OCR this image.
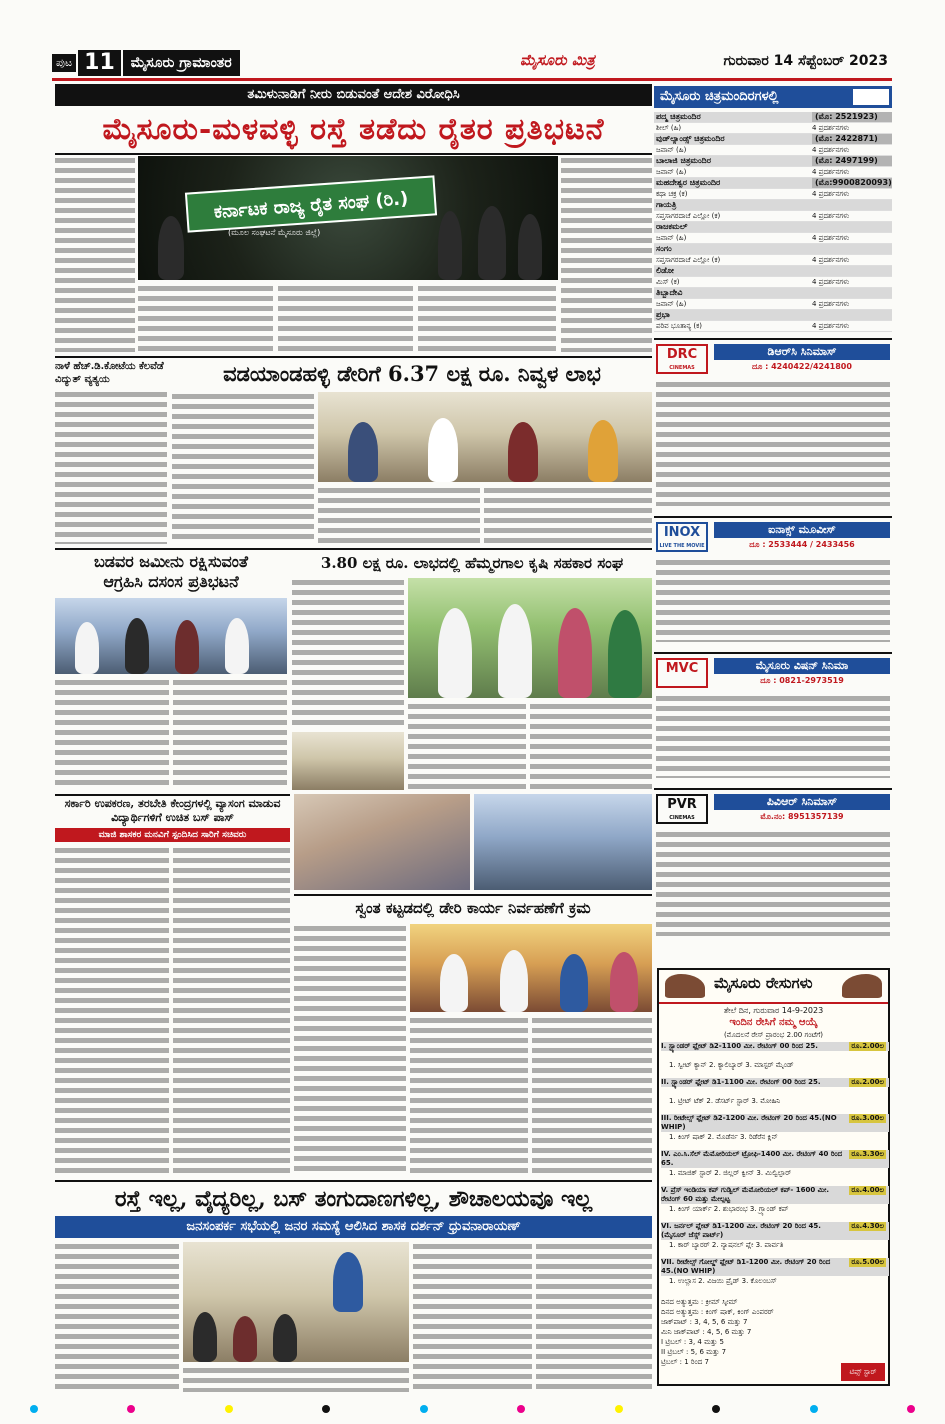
ಪುಟ 11	ಮೈಸೂರು ಗ್ರಾಮಾಂತರ	ಮೈಸೂರು ಮಿತ್ರ	ಗುರುವಾರ 14 ಸೆಪ್ಟೆಂಬರ್ 2023
ತಮಿಳುನಾಡಿಗೆ ನೀರು ಬಿಡುವಂತೆ ಆದೇಶ ವಿರೋಧಿಸಿ
ಮೈಸೂರು-ಮಳವಳ್ಳಿ ರಸ್ತೆ ತಡೆದು ರೈತರ ಪ್ರತಿಭಟನೆ
ಕರ್ನಾಟಕ ರಾಜ್ಯ ರೈತ ಸಂಘ (ರಿ.)
(ಮೂಲ ಸಂಘಟನೆ ಮೈಸೂರು ಜಿಲ್ಲೆ)
ನಾಳೆ ಹೆಚ್.ಡಿ.ಕೋಟೆಯ ಕೆಲವೆಡೆ ವಿದ್ಯುತ್ ವ್ಯತ್ಯಯ	ವಡಯಾಂಡಹಳ್ಳಿ ಡೇರಿಗೆ 6.37 ಲಕ್ಷ ರೂ. ನಿವ್ವಳ ಲಾಭ
ಬಡವರ ಜಮೀನು ರಕ್ಷಿಸುವಂತೆ
ಆಗ್ರಹಿಸಿ ದಸಂಸ ಪ್ರತಿಭಟನೆ
3.80 ಲಕ್ಷ ರೂ. ಲಾಭದಲ್ಲಿ ಹೆಮ್ಮರಗಾಲ ಕೃಷಿ ಸಹಕಾರ ಸಂಘ
ಸರ್ಕಾರಿ ಉಪಕರಣ, ತರಬೇತಿ ಕೇಂದ್ರಗಳಲ್ಲಿ ವ್ಯಾಸಂಗ ಮಾಡುವ ವಿದ್ಯಾರ್ಥಿಗಳಿಗೆ ಉಚಿತ ಬಸ್ ಪಾಸ್
ಮಾಜಿ ಶಾಸಕರ ಮನವಿಗೆ ಸ್ಪಂದಿಸಿದ ಸಾರಿಗೆ ಸಚಿವರು
ಸ್ವಂತ ಕಟ್ಟಡದಲ್ಲಿ ಡೇರಿ ಕಾರ್ಯ ನಿರ್ವಹಣೆಗೆ ಕ್ರಮ
ರಸ್ತೆ ಇಲ್ಲ, ವೈದ್ಯರಿಲ್ಲ, ಬಸ್ ತಂಗುದಾಣಗಳಿಲ್ಲ, ಶೌಚಾಲಯವೂ ಇಲ್ಲ
ಜನಸಂಪರ್ಕ ಸಭೆಯಲ್ಲಿ ಜನರ ಸಮಸ್ಯೆ ಆಲಿಸಿದ ಶಾಸಕ ದರ್ಶನ್ ಧ್ರುವನಾರಾಯಣ್
ಮೈಸೂರು ಚಿತ್ರಮಂದಿರಗಳಲ್ಲಿ
ಪದ್ಮ ಚಿತ್ರಮಂದಿರ	(ಮೊ: 2521923)
ಶೀಲ್ (ಹಿ)	4 ಪ್ರದರ್ಶನಗಳು
ವುಡ್‌ಲ್ಯಾಂಡ್ಸ್ ಚಿತ್ರಮಂದಿರ	(ಮೊ: 2422871)
ಜವಾನ್ (ಹಿ)	4 ಪ್ರದರ್ಶನಗಳು
ಬಾಲಾಜಿ ಚಿತ್ರಮಂದಿರ	(ಮೊ: 2497199)
ಜವಾನ್ (ಹಿ)	4 ಪ್ರದರ್ಶನಗಳು
ಮಹದೇಶ್ವರ ಚಿತ್ರಮಂದಿರ	(ಮೊ:9900820093)
ಕಥಾ ಚಕ್ರ (ಕ)	4 ಪ್ರದರ್ಶನಗಳು
ಗಾಯತ್ರಿ
ಸಪ್ತಸಾಗರದಾಚೆ ಎಲ್ಲೋ (ಕ)	4 ಪ್ರದರ್ಶನಗಳು
ರಾಜಕಮಲ್
ಜವಾನ್ (ಹಿ)	4 ಪ್ರದರ್ಶನಗಳು
ಸಂಗಂ
ಸಪ್ತಸಾಗರದಾಚೆ ಎಲ್ಲೋ (ಕ)	4 ಪ್ರದರ್ಶನಗಳು
ಲಿಡೋ
ಮಿಸ್ (ಕ)	4 ಪ್ರದರ್ಶನಗಳು
ತಿಬ್ಬಾದೇವಿ
ಜವಾನ್ (ಹಿ)	4 ಪ್ರದರ್ಶನಗಳು
ಪ್ರಭಾ
ಪರಿವ ಭೂತಾನ್ಯ (ಕ)	4 ಪ್ರದರ್ಶನಗಳು
DRC
CINEMAS
ಡಿಆರ್‌ಸಿ ಸಿನಿಮಾಸ್
ದೂ : 4240422/4241800
INOX
LIVE THE MOVIE
ಐನಾಕ್ಸ್ ಮೂವೀಸ್
ದೂ : 2533444 / 2433456
MVC	ಮೈಸೂರು ವಿಷನ್ ಸಿನಿಮಾ
ದೂ : 0821-2973519
PVR
CINEMAS
ಪಿವಿಆರ್ ಸಿನಿಮಾಸ್
ಮೊ.ನಂ: 8951357139
ಮೈಸೂರು ರೇಸುಗಳು
ತೇಲೆ ದಿನ, ಗುರುವಾರ 14-9-2023
ಇಂದಿನ ರೇಸಿಗೆ ನಮ್ಮ ಆಯ್ಕೆ
(ಮೊದಲನೆ ರೇಸ್ ಪ್ರಾರಂಭ 2.00 ಗಂಟೆಗೆ)
I. ಸ್ಟ್ಯಾಂಡರ್ ಫ್ಲೇಟ್ ಡಿ2-1100 ಮೀ. ರೇಟಿಂಗ್ 00 ರಿಂದ 25.	ರೂ.2.00ಲ
1. ಸ್ವೀಟ್ ಕ್ಯಾನ್ 2. ಕ್ಯಾಲಿಬ್ಯಾರ್ 3. ಮಾಸ್ಟರ್ ಮೈಂಡ್
II. ಸ್ಟ್ಯಾಂಡರ್ ಫ್ಲೇಟ್ ಡಿ1-1100 ಮೀ. ರೇಟಿಂಗ್ 00 ರಿಂದ 25.	ರೂ.2.00ಲ
1. ಟ್ರೀಟ್ ಟೆಕ್ 2. ಡೆಸರ್ಟ್ ಸ್ಟಾರ್ 3. ಮೋಹಿನಿ
III. ರೀಟೇಲ್ಸ್ ಫ್ಲೇಟ್ ಡಿ2-1200 ಮೀ. ರೇಟಿಂಗ್ 20 ರಿಂದ 45.(NO WHIP)
ರೂ.3.00ಲ
1. ಕಿಂಗ್ ಷಾಕ್ 2. ಮೊಡೆರ್ನ 3. ರಿಡೆರೆನ ಕ್ಲಿನ್
IV. ಎಂ.ಸಿ.ಸೆಲ್ ಮೆಮೋರಿಯಲ್ ಟ್ರೋಫಿ-1400 ಮೀ. ರೇಟಿಂಗ್ 40 ರಿಂದ 65.
ರೂ.3.30ಲ
1. ಮಾಜಿಕ್ ಸ್ಟಾರ್ 2. ಜಿಲ್ಲರ್ ಕ್ವೀನ್ 3. ಮಿಲ್ವಿಲ್ಪಾರ್
V. ಪ್ರೆಸ್ ಇಂಡಿಯಾ ಕಪ್ ಗುಡ್ವಿಲ್ ಮೆಮೋರಿಯಲ್ ಕಪ್- 1600 ಮೀ. ರೇಟಿಂಗ್ 60 ಮತ್ತು ಮೇಲ್ಪಟ್ಟ
ರೂ.4.00ಲ
1. ಕಿಂಗ್ ಯಾರ್ಕ್ 2. ಶುಭಾರಂಭ 3. ಗ್ರ್ಯಾಂಡ್ ಕಪ್
VI. ಜರ್ನಲ್ ಪ್ಲೇಟ್ ಡಿ1-1200 ಮೀ. ರೇಟಿಂಗ್ 20 ರಿಂದ 45. (ಮೈಸೂರ್ ಜೆಸ್ಸ್ ಪಾರ್ಟ್)
ರೂ.4.30ಲ
1. ಕಾರ್ ಬ್ಯಾರರ್ 2. ನ್ಯಾಷನಲ್ ಪ್ಲೇ 3. ಪಾರ್ವತಿ
VII. ರೀಟೇಲ್ಸ್ ಗೋಲ್ಡ್ ಫ್ಲೇಟ್ ಡಿ1-1200 ಮೀ. ರೇಟಿಂಗ್ 20 ರಿಂದ 45.(NO WHIP)
ರೂ.5.00ಲ
1. ಉಲ್ಲಾಸ 2. ವಿಜಯಿ ಪ್ರೈಡ್ 3. ಕೊಲಂಬಸ್
ದಿನದ ಅತ್ಯುತ್ತಮ : ಕ್ರೀಮ್ ಸ್ಕೀಮ್
ದಿನದ ಅತ್ಯುತ್ತಮ : ಕಿಂಗ್ ಷಾಕ್, ಕಿಂಗ್ ಎಂಪರರ್
ಜಾಕ್‌ಪಾಟ್ : 3, 4, 5, 6 ಮತ್ತು 7
ಮಿನಿ ಜಾಕ್‌ಪಾಟ್ : 4, 5, 6 ಮತ್ತು 7
I ಟ್ರಿಬಲ್ : 3, 4 ಮತ್ತು 5
II ಟ್ರಿಬಲ್ : 5, 6 ಮತ್ತು 7
ಟ್ರಿಬಲ್ : 1 ರಿಂದ 7
ಟಿಪ್ಸ್ ಸ್ಟಾರ್
